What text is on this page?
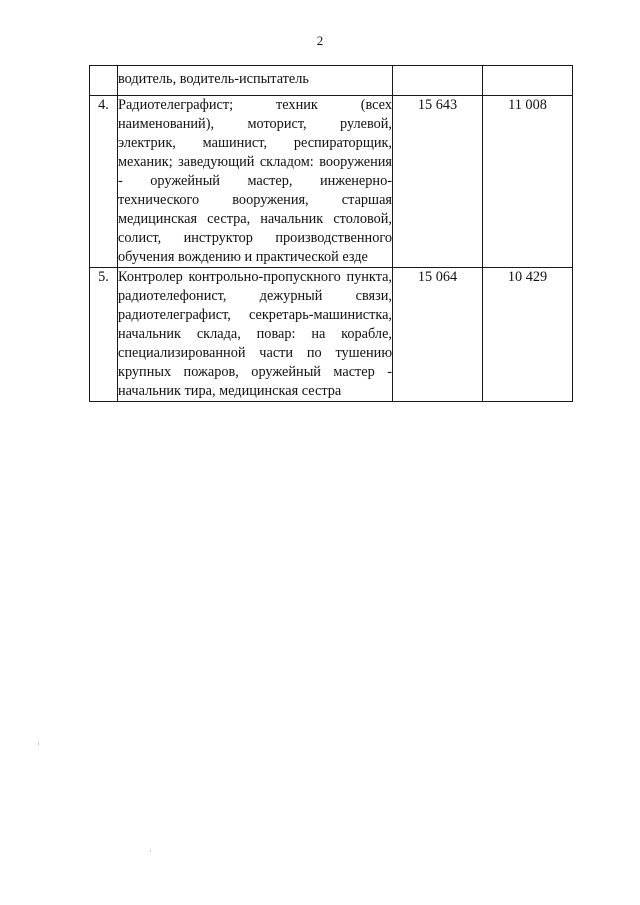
2
	водитель, водитель-испытатель		
4.	Радиотелеграфист; техник (всех наименований), моторист, рулевой, электрик, машинист, респираторщик, механик; заведующий складом: вооружения - оружейный мастер, инженерно-технического вооружения, старшая медицинская сестра, начальник столовой, солист, инструктор производственного обучения вождению и практической езде	15 643	11 008
5.	Контролер контрольно-пропускного пункта, радиотелефонист, дежурный связи, радиотелеграфист, секретарь-машинистка, начальник склада, повар: на корабле, специализированной части по тушению крупных пожаров, оружейный мастер - начальник тира, медицинская сестра	15 064	10 429
